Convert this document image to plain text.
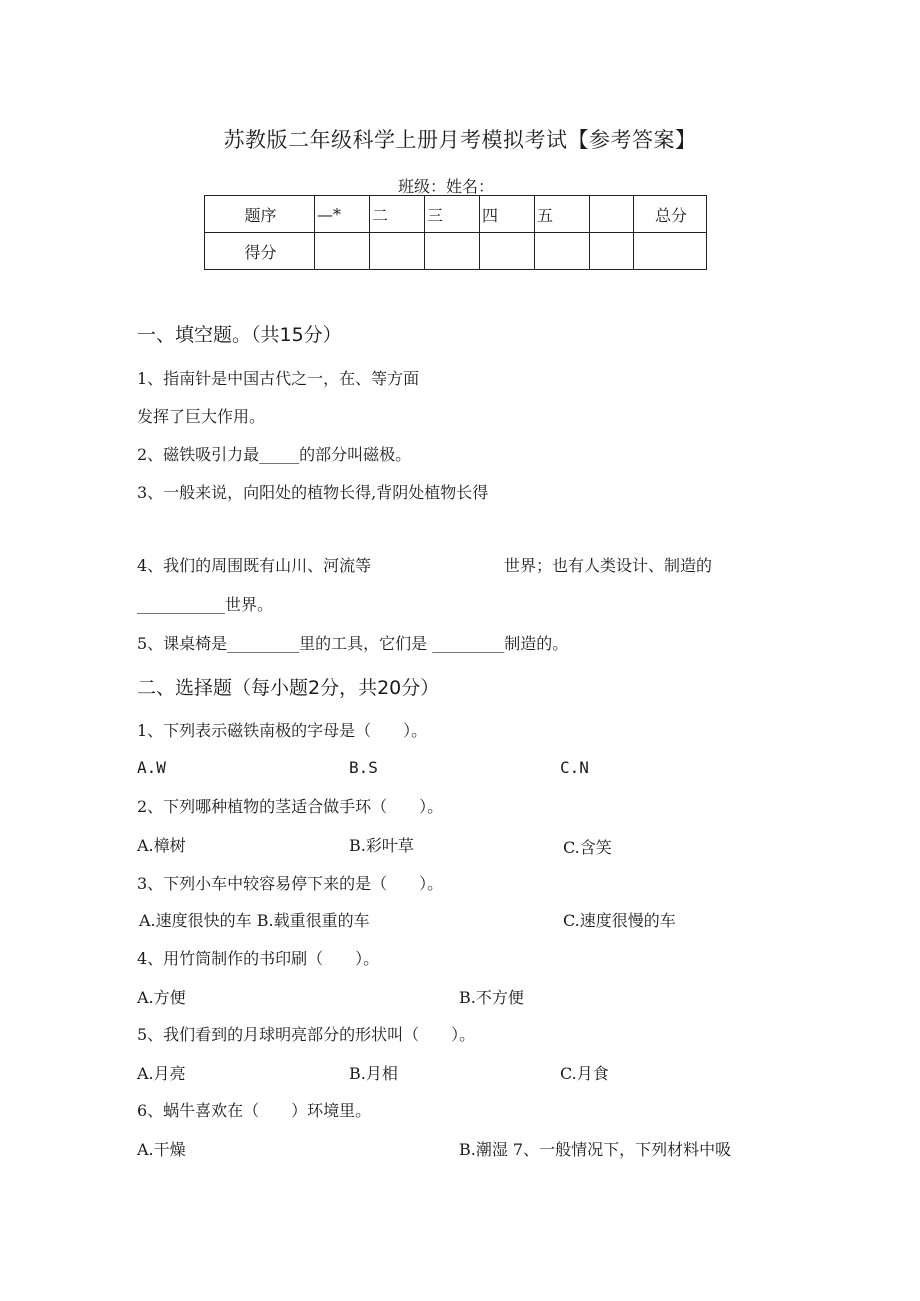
苏教版二年级科学上册月考模拟考试【参考答案】
班级：姓名：
题序	—*	二	三	四	五		总分
得分							
一、填空题。（共15分）
1、指南针是中国古代之一，在、等方面
发挥了巨大作用。
2、磁铁吸引力最_____的部分叫磁极。
3、一般来说，向阳处的植物长得,背阴处植物长得
4、我们的周围既有山川、河流等	世界；也有人类设计、制造的
___________世界。
5、课桌椅是_________里的工具，它们是 _________制造的。
二、选择题（每小题2分，共20分）
1、下列表示磁铁南极的字母是（　　）。
A.W	B.S	C.N
2、下列哪种植物的茎适合做手环（　　）。
A.樟树	B.彩叶草	C.含笑
3、下列小车中较容易停下来的是（　　）。
A.速度很快的车 B.载重很重的车	C.速度很慢的车
4、用竹筒制作的书印刷（　　）。
A.方便	B.不方便
5、我们看到的月球明亮部分的形状叫（　　）。
A.月亮	B.月相	C.月食
6、蜗牛喜欢在（　　）环境里。
A.干燥	B.潮湿 7、一般情况下，下列材料中吸
